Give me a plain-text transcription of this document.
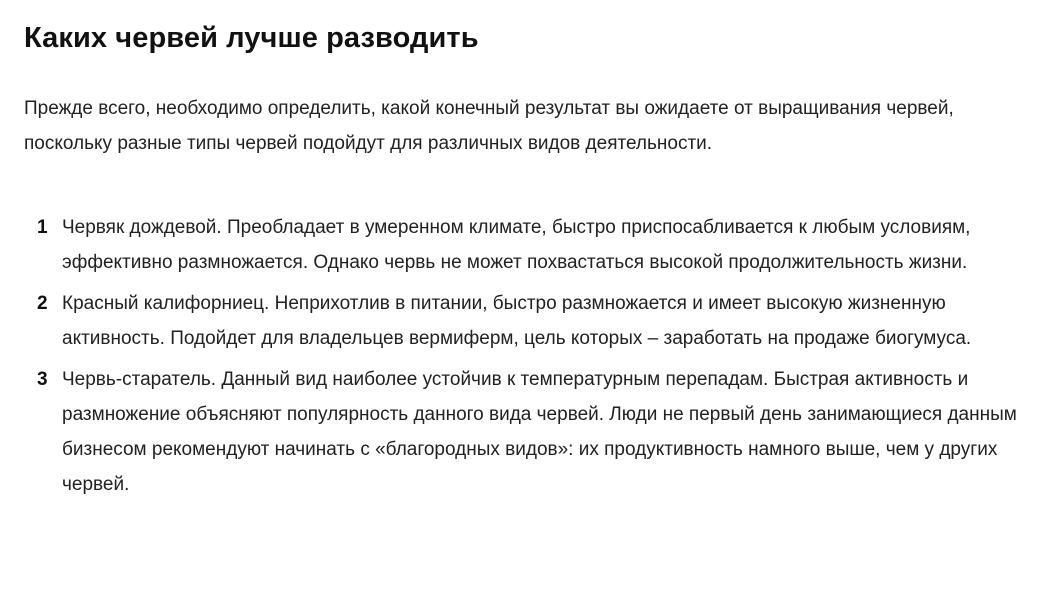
Каких червей лучше разводить

Прежде всего, необходимо определить, какой конечный результат вы ожидаете от выращивания червей, поскольку разные типы червей подойдут для различных видов деятельности.

1 Червяк дождевой. Преобладает в умеренном климате, быстро приспосабливается к любым условиям, эффективно размножается. Однако червь не может похвастаться высокой продолжительность жизни.
2 Красный калифорниец. Неприхотлив в питании, быстро размножается и имеет высокую жизненную активность. Подойдет для владельцев вермиферм, цель которых – заработать на продаже биогумуса.
3 Червь-старатель. Данный вид наиболее устойчив к температурным перепадам. Быстрая активность и размножение объясняют популярность данного вида червей. Люди не первый день занимающиеся данным бизнесом рекомендуют начинать с «благородных видов»: их продуктивность намного выше, чем у других червей.
